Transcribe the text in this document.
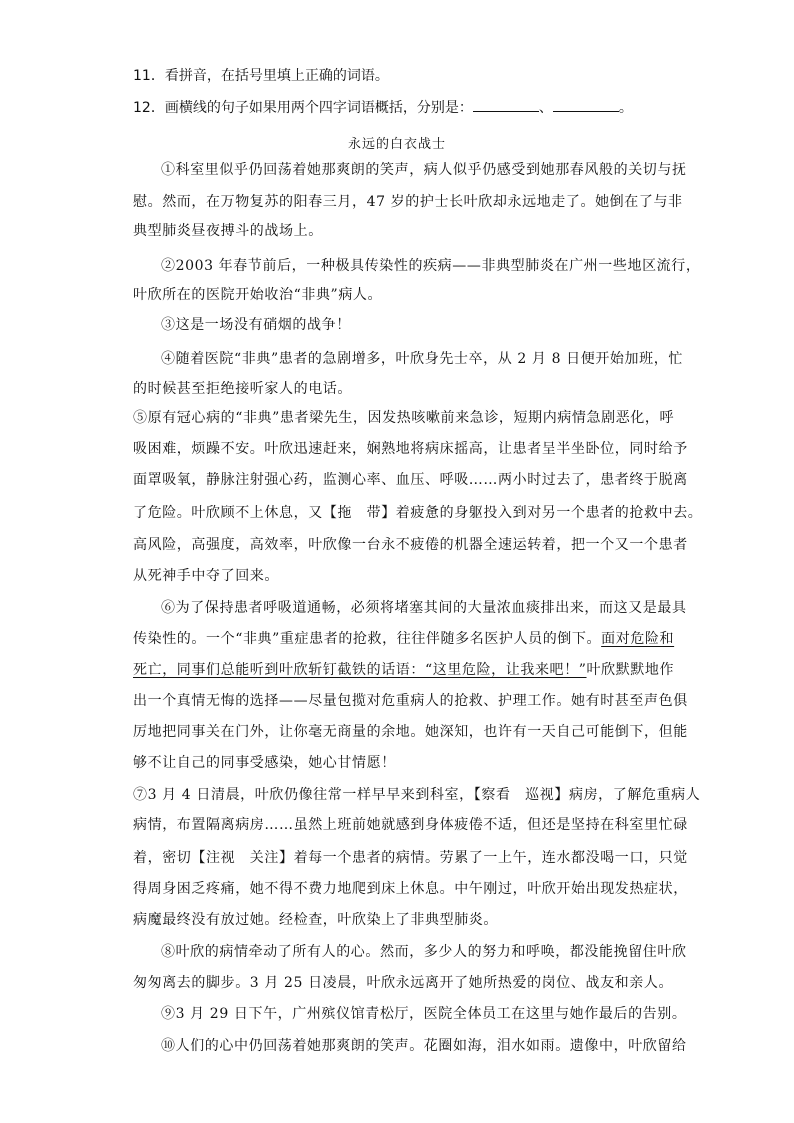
11．看拼音，在括号里填上正确的词语。
12．画横线的句子如果用两个四字词语概括，分别是：	、	。
永远的白衣战士
①科室里似乎仍回荡着她那爽朗的笑声，病人似乎仍感受到她那春风般的关切与抚
慰。然而，在万物复苏的阳春三月，47 岁的护士长叶欣却永远地走了。她倒在了与非
典型肺炎昼夜搏斗的战场上。
②2003 年春节前后，一种极具传染性的疾病——非典型肺炎在广州一些地区流行，
叶欣所在的医院开始收治“非典”病人。
③这是一场没有硝烟的战争！
④随着医院“非典”患者的急剧增多，叶欣身先士卒，从 2 月 8 日便开始加班，忙
的时候甚至拒绝接听家人的电话。
⑤原有冠心病的“非典”患者梁先生，因发热咳嗽前来急诊，短期内病情急剧恶化，呼
吸困难，烦躁不安。叶欣迅速赶来，娴熟地将病床摇高，让患者呈半坐卧位，同时给予
面罩吸氧，静脉注射强心药，监测心率、血压、呼吸……两小时过去了，患者终于脱离
了危险。叶欣顾不上休息，又【拖　带】着疲惫的身躯投入到对另一个患者的抢救中去。
高风险，高强度，高效率，叶欣像一台永不疲倦的机器全速运转着，把一个又一个患者
从死神手中夺了回来。
⑥为了保持患者呼吸道通畅，必须将堵塞其间的大量浓血痰排出来，而这又是最具
传染性的。一个“非典”重症患者的抢救，往往伴随多名医护人员的倒下。面对危险和
死亡，同事们总能听到叶欣斩钉截铁的话语：“这里危险，让我来吧！”叶欣默默地作
出一个真情无悔的选择——尽量包揽对危重病人的抢救、护理工作。她有时甚至声色俱
厉地把同事关在门外，让你毫无商量的余地。她深知，也许有一天自己可能倒下，但能
够不让自己的同事受感染，她心甘情愿！
⑦3 月 4 日清晨，叶欣仍像往常一样早早来到科室，【察看　巡视】病房，了解危重病人
病情，布置隔离病房……虽然上班前她就感到身体疲倦不适，但还是坚持在科室里忙碌
着，密切【注视　关注】着每一个患者的病情。劳累了一上午，连水都没喝一口，只觉
得周身困乏疼痛，她不得不费力地爬到床上休息。中午刚过，叶欣开始出现发热症状，
病魔最终没有放过她。经检查，叶欣染上了非典型肺炎。
⑧叶欣的病情牵动了所有人的心。然而，多少人的努力和呼唤，都没能挽留住叶欣
匆匆离去的脚步。3 月 25 日凌晨，叶欣永远离开了她所热爱的岗位、战友和亲人。
⑨3 月 29 日下午，广州殡仪馆青松厅，医院全体员工在这里与她作最后的告别。
⑩人们的心中仍回荡着她那爽朗的笑声。花圈如海，泪水如雨。遗像中，叶欣留给
